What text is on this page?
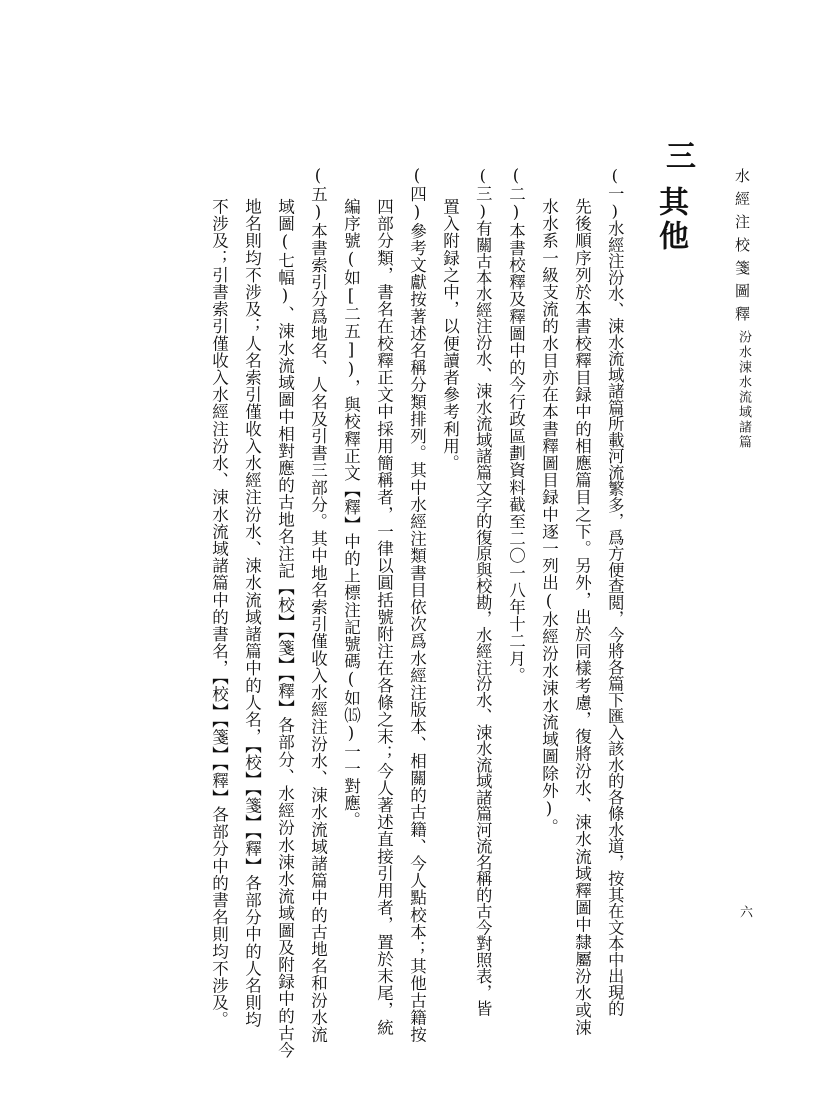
水經注校箋圖釋
汾水涑水流域諸篇
六
三
其他
(一)水經注汾水、涑水流域諸篇所載河流繁多，爲方便查閲，今將各篇下匯入該水的各條水道，按其在文本中出現的
先後順序列於本書校釋目録中的相應篇目之下。另外，出於同樣考慮，復將汾水、涑水流域釋圖中隸屬汾水或涑
水水系一級支流的水目亦在本書釋圖目録中逐一列出(水經汾水涑水流域圖除外)。
(二)本書校釋及釋圖中的今行政區劃資料截至二〇一八年十二月。
(三)有關古本水經注汾水、涑水流域諸篇文字的復原與校勘，水經注汾水、涑水流域諸篇河流名稱的古今對照表，皆
置入附録之中，以便讀者參考利用。
(四)參考文獻按著述名稱分類排列。其中水經注類書目依次爲水經注版本、相關的古籍、今人點校本；其他古籍按
四部分類，書名在校釋正文中採用簡稱者，一律以圓括號附注在各條之末；今人著述直接引用者，置於末尾，統
編序號(如[二五])，與校釋正文【釋】中的上標注記號碼(如⒂)一一對應。
(五)本書索引分爲地名、人名及引書三部分。其中地名索引僅收入水經注汾水、涑水流域諸篇中的古地名和汾水流
域圖(七幅)、涑水流域圖中相對應的古地名注記【校】【箋】【釋】各部分、水經汾水涑水流域圖及附録中的古今
地名則均不涉及；人名索引僅收入水經注汾水、涑水流域諸篇中的人名，【校】【箋】【釋】各部分中的人名則均
不涉及；引書索引僅收入水經注汾水、涑水流域諸篇中的書名，【校】【箋】【釋】各部分中的書名則均不涉及。
